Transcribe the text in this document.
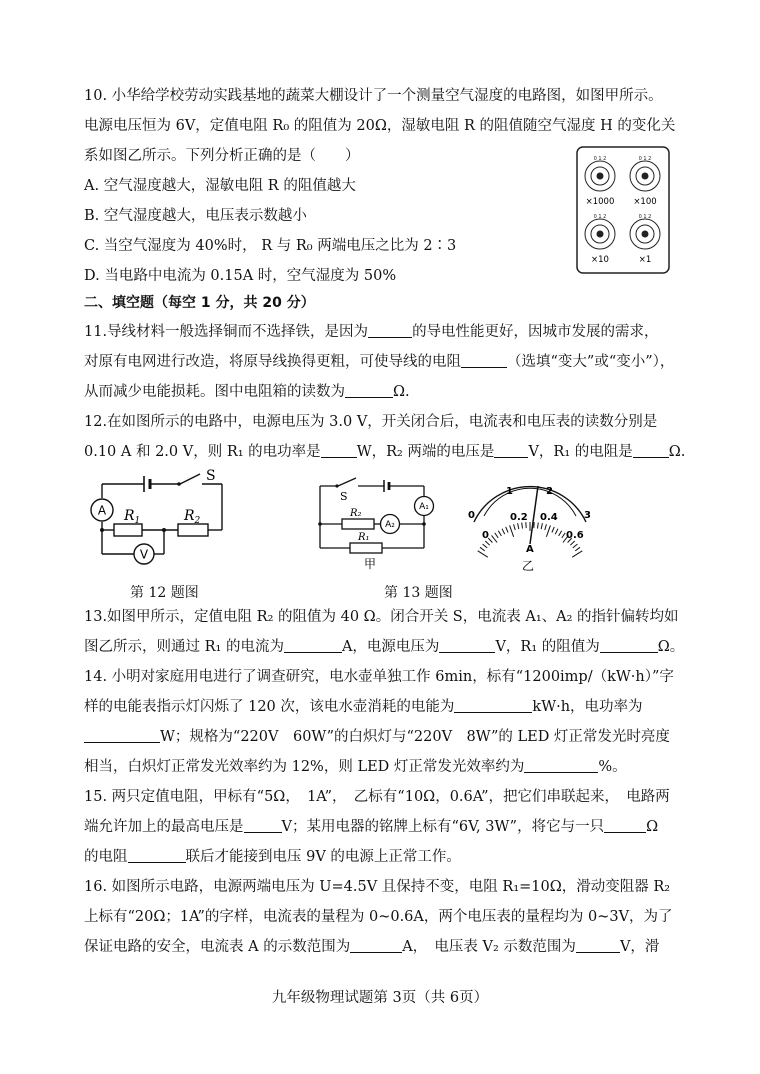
10. 小华给学校劳动实践基地的蔬菜大棚设计了一个测量空气湿度的电路图，如图甲所示。
电源电压恒为 6V，定值电阻 R₀ 的阻值为 20Ω，湿敏电阻 R 的阻值随空气湿度 H 的变化关
系如图乙所示。下列分析正确的是（　　）
A. 空气湿度越大，湿敏电阻 R 的阻值越大
B. 空气湿度越大，电压表示数越小
C. 当空气湿度为 40%时， R 与 R₀ 两端电压之比为 2∶3
D. 当电路中电流为 0.15A 时，空气湿度为 50%
0 1 2
×1000
0 1 2
×100
0 1 2
×10
0 1 2
×1
二、填空题（每空 1 分，共 20 分）
11.导线材料一般选择铜而不选择铁，是因为	的导电性能更好，因城市发展的需求，
对原有电网进行改造，将原导线换得更粗，可使导线的电阻	（选填“变大”或“变小”），
从而减少电能损耗。图中电阻箱的读数为	Ω.
12.在如图所示的电路中，电源电压为 3.0 V，开关闭合后，电流表和电压表的读数分别是
0.10 A 和 2.0 V，则 R₁ 的电功率是 W，R₂ 两端的电压是 V，R₁ 的电阻是 Ω.
A
V
S
$R_1$	$R_2$
第 12 题图
A₁
A₂
S
R₂
R₁
甲
0
1	2
3
0
0.2 0.4
0.6
A
乙
第 13 题图
13.如图甲所示，定值电阻 R₂ 的阻值为 40 Ω。闭合开关 S，电流表 A₁、A₂ 的指针偏转均如
图乙所示，则通过 R₁ 的电流为	A，电源电压为	V，R₁ 的阻值为	Ω。
14. 小明对家庭用电进行了调查研究，电水壶单独工作 6min，标有“1200imp/（kW·h）”字
样的电能表指示灯闪烁了 120 次，该电水壶消耗的电能为	kW·h，电功率为
W；规格为“220V　60W”的白炽灯与“220V　8W”的 LED 灯正常发光时亮度
相当，白炽灯正常发光效率约为 12%，则 LED 灯正常发光效率约为	%。
15. 两只定值电阻，甲标有“5Ω，　1A”，　乙标有“10Ω，0.6A”，把它们串联起来，　电路两
端允许加上的最高电压是	V；某用电器的铭牌上标有“6V, 3W”，将它与一只	Ω
的电阻	联后才能接到电压 9V 的电源上正常工作。
16. 如图所示电路，电源两端电压为 U=4.5V 且保持不变，电阻 R₁=10Ω，滑动变阻器 R₂
上标有“20Ω；1A”的字样，电流表的量程为 0~0.6A，两个电压表的量程均为 0~3V，为了
保证电路的安全，电流表 A 的示数范围为	A，　电压表 V₂ 示数范围为	V，滑
九年级物理试题第 3页（共 6页）
